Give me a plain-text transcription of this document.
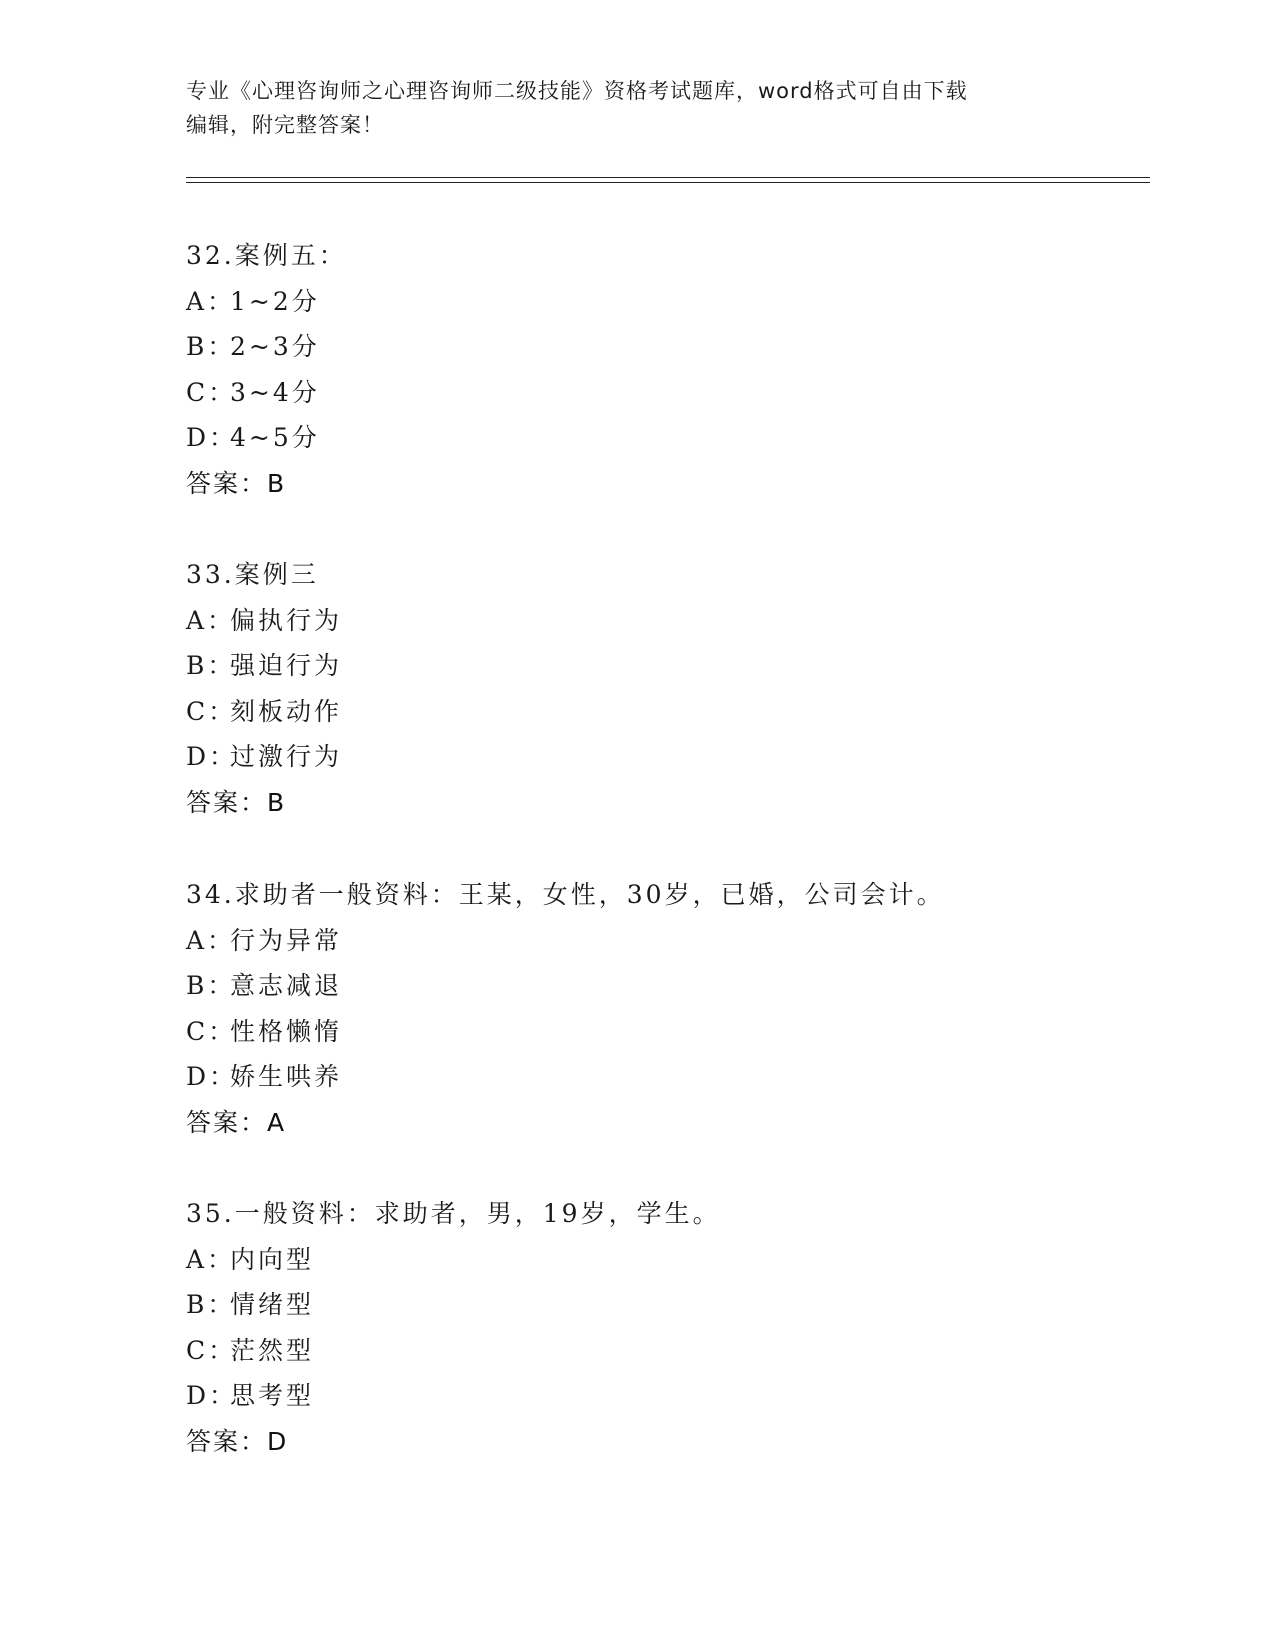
专业《心理咨询师之心理咨询师二级技能》资格考试题库，word格式可自由下载
编辑，附完整答案！
32.案例五：
A：1~2分
B：2~3分
C：3~4分
D：4~5分
答案：B
33.案例三
A：偏执行为
B：强迫行为
C：刻板动作
D：过激行为
答案：B
34.求助者一般资料：王某，女性，30岁，已婚，公司会计。
A：行为异常
B：意志减退
C：性格懒惰
D：娇生哄养
答案：A
35.一般资料：求助者，男，19岁，学生。
A：内向型
B：情绪型
C：茫然型
D：思考型
答案：D
